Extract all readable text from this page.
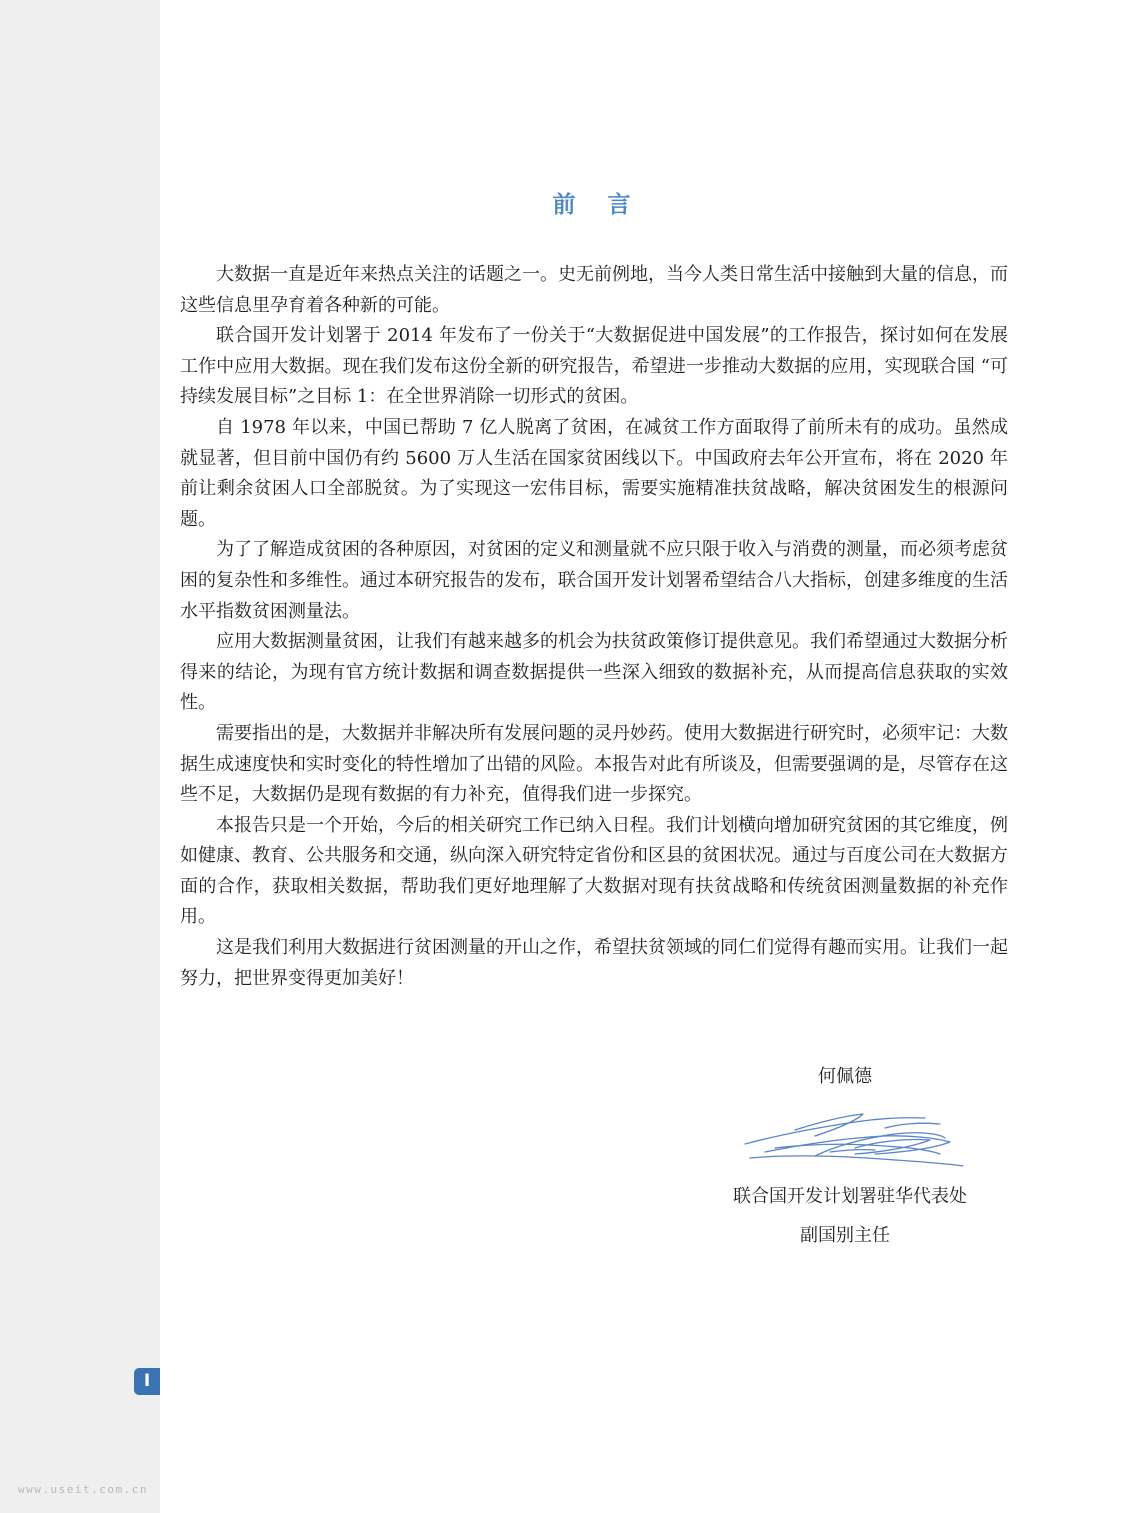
I
www.useit.com.cn
前 言

大数据一直是近年来热点关注的话题之一。史无前例地，当今人类日常生活中接触到大量的信息，而这些信息里孕育着各种新的可能。

联合国开发计划署于 2014 年发布了一份关于“大数据促进中国发展”的工作报告，探讨如何在发展工作中应用大数据。现在我们发布这份全新的研究报告，希望进一步推动大数据的应用，实现联合国 “可持续发展目标”之目标 1：在全世界消除一切形式的贫困。

自 1978 年以来，中国已帮助 7 亿人脱离了贫困，在减贫工作方面取得了前所未有的成功。虽然成就显著，但目前中国仍有约 5600 万人生活在国家贫困线以下。中国政府去年公开宣布，将在 2020 年前让剩余贫困人口全部脱贫。为了实现这一宏伟目标，需要实施精准扶贫战略，解决贫困发生的根源问题。

为了了解造成贫困的各种原因，对贫困的定义和测量就不应只限于收入与消费的测量，而必须考虑贫困的复杂性和多维性。通过本研究报告的发布，联合国开发计划署希望结合八大指标，创建多维度的生活水平指数贫困测量法。

应用大数据测量贫困，让我们有越来越多的机会为扶贫政策修订提供意见。我们希望通过大数据分析得来的结论，为现有官方统计数据和调查数据提供一些深入细致的数据补充，从而提高信息获取的实效性。

需要指出的是，大数据并非解决所有发展问题的灵丹妙药。使用大数据进行研究时，必须牢记：大数据生成速度快和实时变化的特性增加了出错的风险。本报告对此有所谈及，但需要强调的是，尽管存在这些不足，大数据仍是现有数据的有力补充，值得我们进一步探究。

本报告只是一个开始，今后的相关研究工作已纳入日程。我们计划横向增加研究贫困的其它维度，例如健康、教育、公共服务和交通，纵向深入研究特定省份和区县的贫困状况。通过与百度公司在大数据方面的合作，获取相关数据，帮助我们更好地理解了大数据对现有扶贫战略和传统贫困测量数据的补充作用。

这是我们利用大数据进行贫困测量的开山之作，希望扶贫领域的同仁们觉得有趣而实用。让我们一起努力，把世界变得更加美好！

何佩德

联合国开发计划署驻华代表处

副国别主任
